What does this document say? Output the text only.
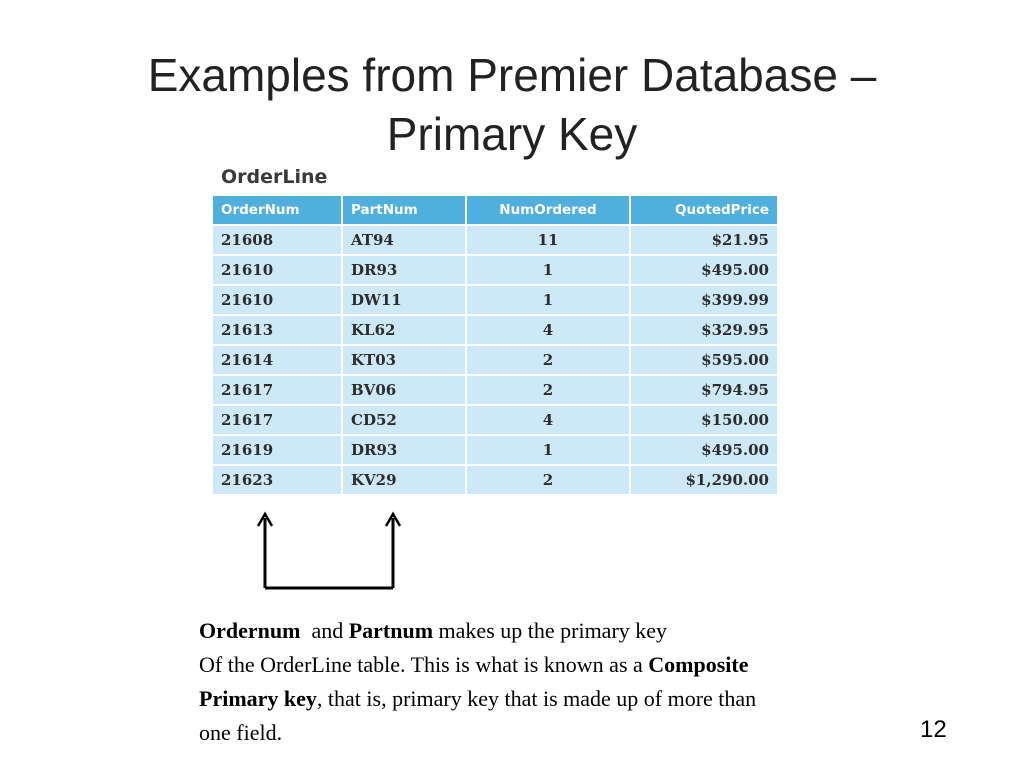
Examples from Premier Database –
Primary Key
OrderLine
OrderNum	PartNum	NumOrdered	QuotedPrice
21608	AT94	11	$21.95
21610	DR93	1	$495.00
21610	DW11	1	$399.99
21613	KL62	4	$329.95
21614	KT03	2	$595.00
21617	BV06	2	$794.95
21617	CD52	4	$150.00
21619	DR93	1	$495.00
21623	KV29	2	$1,290.00

Ordernum  and Partnum makes up the primary key

Of the OrderLine table. This is what is known as a Composite

Primary key, that is, primary key that is made up of more than

one field.	12
